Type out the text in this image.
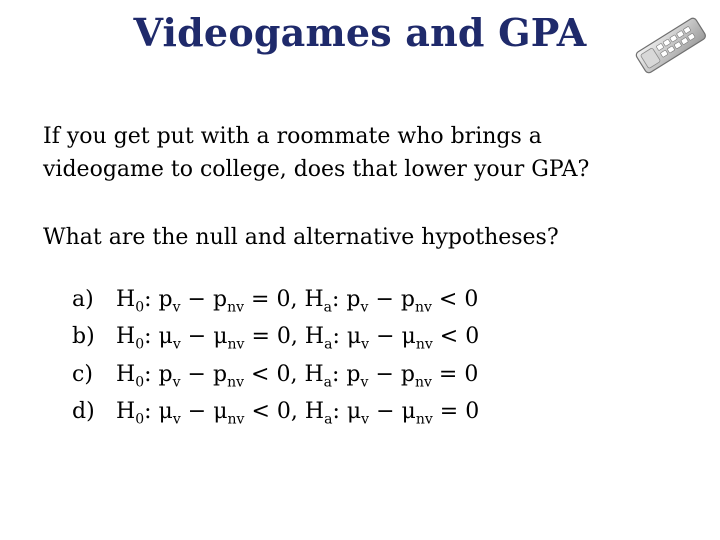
Videogames and GPA
If you get put with a roommate who brings a
videogame to college, does that lower your GPA?
What are the null and alternative hypotheses?
a)	$H_0$: $p_v - p_{nv} = 0$, $H_a$: $p_v - p_{nv} < 0$
b) $H_0$: $\mu_v - \mu_{nv} = 0$, $H_a$: $\mu_v - \mu_{nv} < 0$
c)	$H_0$: $p_v - p_{nv} < 0$, $H_a$: $p_v - p_{nv} = 0$
d) $H_0$: $\mu_v - \mu_{nv} < 0$, $H_a$: $\mu_v - \mu_{nv} = 0$
